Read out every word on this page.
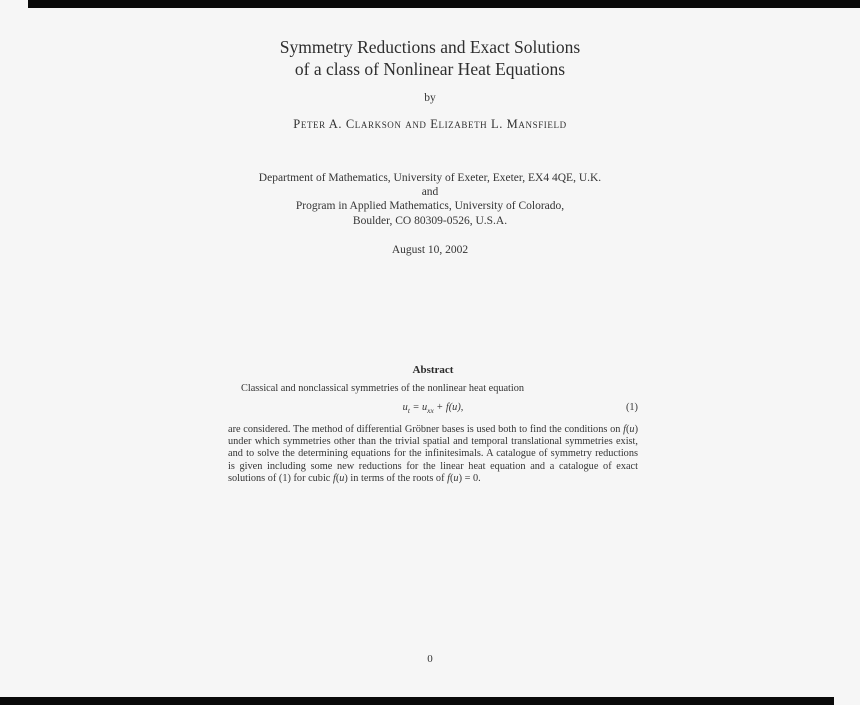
Symmetry Reductions and Exact Solutions
of a class of Nonlinear Heat Equations
by
Peter A. Clarkson and Elizabeth L. Mansfield
Department of Mathematics, University of Exeter, Exeter, EX4 4QE, U.K.
and
Program in Applied Mathematics, University of Colorado,
Boulder, CO 80309-0526, U.S.A.
August 10, 2002
Abstract
Classical and nonclassical symmetries of the nonlinear heat equation
$u_t = u_{xx} + f(u)$,	(1)
are considered. The method of differential Gröbner bases is used both to find the conditions on f(u) under which symmetries other than the trivial spatial and temporal translational symmetries exist, and to solve the determining equations for the infinitesimals. A catalogue of symmetry reductions is given including some new reductions for the linear heat equation and a catalogue of exact solutions of (1) for cubic f(u) in terms of the roots of f(u) = 0.
0
